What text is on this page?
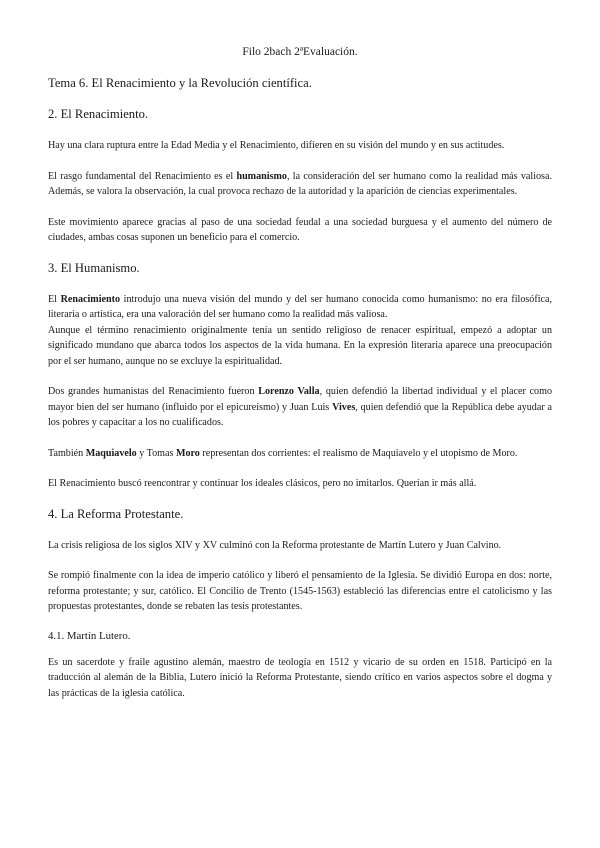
Filo 2bach 2ªEvaluación.
Tema 6. El Renacimiento y la Revolución científica.
2. El Renacimiento.

Hay una clara ruptura entre la Edad Media y el Renacimiento, difieren en su visión del mundo y en sus actitudes.

El rasgo fundamental del Renacimiento es el humanismo, la consideración del ser humano como la realidad más valiosa. Además, se valora la observación, la cual provoca rechazo de la autoridad y la aparición de ciencias experimentales.

Este movimiento aparece gracias al paso de una sociedad feudal a una sociedad burguesa y el aumento del número de ciudades, ambas cosas suponen un beneficio para el comercio.

3. El Humanismo.

El Renacimiento introdujo una nueva visión del mundo y del ser humano conocida como humanismo: no era filosófica, literaria o artística, era una valoración del ser humano como la realidad más valiosa.

Aunque el término renacimiento originalmente tenía un sentido religioso de renacer espiritual, empezó a adoptar un significado mundano que abarca todos los aspectos de la vida humana. En la expresión literaria aparece una preocupación por el ser humano, aunque no se excluye la espiritualidad.

Dos grandes humanistas del Renacimiento fueron Lorenzo Valla, quien defendió la libertad individual y el placer como mayor bien del ser humano (influido por el epicureísmo) y Juan Luis Vives, quien defendió que la República debe ayudar a los pobres y capacitar a los no cualificados.

También Maquiavelo y Tomas Moro representan dos corrientes: el realismo de Maquiavelo y el utopismo de Moro.

El Renacimiento buscó reencontrar y continuar los ideales clásicos, pero no imitarlos. Querían ir más allá.

4. La Reforma Protestante.

La crisis religiosa de los siglos XIV y XV culminó con la Reforma protestante de Martín Lutero y Juan Calvino.

Se rompió finalmente con la idea de imperio católico y liberó el pensamiento de la Iglesia. Se dividió Europa en dos: norte, reforma protestante; y sur, católico. El Concilio de Trento (1545-1563) estableció las diferencias entre el catolicismo y las propuestas protestantes, donde se rebaten las tesis protestantes.

4.1. Martín Lutero.

Es un sacerdote y fraile agustino alemán, maestro de teología en 1512 y vicario de su orden en 1518. Participó en la traducción al alemán de la Biblia, Lutero inició la Reforma Protestante, siendo crítico en varios aspectos sobre el dogma y las prácticas de la iglesia católica.
